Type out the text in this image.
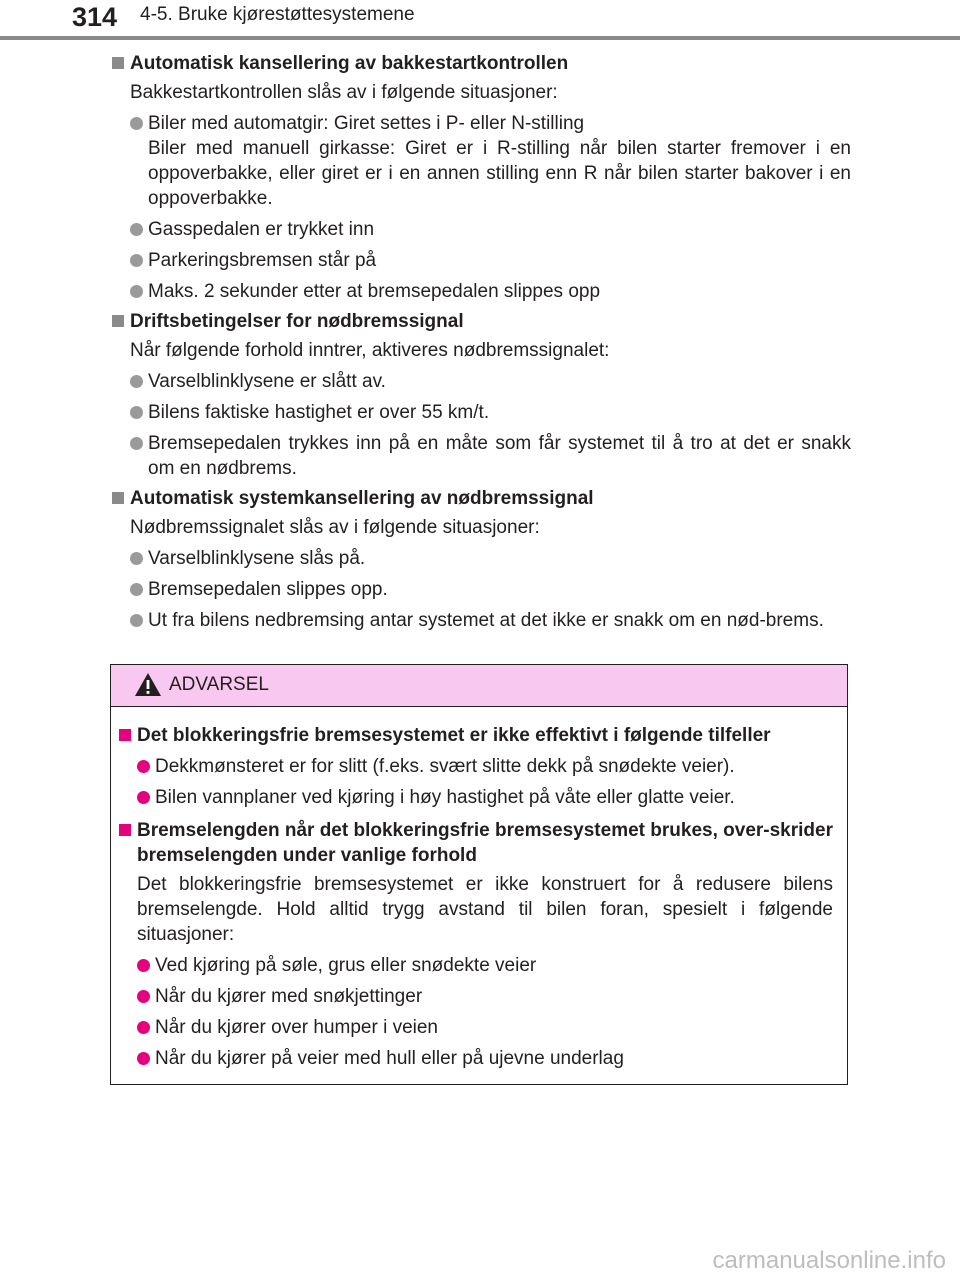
314 4-5. Bruke kjørestøttesystemene
Automatisk kansellering av bakkestartkontrollen
Bakkestartkontrollen slås av i følgende situasjoner:

Biler med automatgir: Giret settes i P- eller N-stilling

Biler med manuell girkasse: Giret er i R-stilling når bilen starter fremover i en oppoverbakke, eller giret er i en annen stilling enn R når bilen starter bakover i en oppoverbakke.

Gasspedalen er trykket inn

Parkeringsbremsen står på

Maks. 2 sekunder etter at bremsepedalen slippes opp

Driftsbetingelser for nødbremssignal
Når følgende forhold inntrer, aktiveres nødbremssignalet:

Varselblinklysene er slått av.

Bilens faktiske hastighet er over 55 km/t.

Bremsepedalen trykkes inn på en måte som får systemet til å tro at det er snakk om en nødbrems.

Automatisk systemkansellering av nødbremssignal
Nødbremssignalet slås av i følgende situasjoner:

Varselblinklysene slås på.

Bremsepedalen slippes opp.

Ut fra bilens nedbremsing antar systemet at det ikke er snakk om en nød-brems.

ADVARSEL

Det blokkeringsfrie bremsesystemet er ikke effektivt i følgende tilfeller

Dekkmønsteret er for slitt (f.eks. svært slitte dekk på snødekte veier).
Bilen vannplaner ved kjøring i høy hastighet på våte eller glatte veier.

Bremselengden når det blokkeringsfrie bremsesystemet brukes, over-skrider bremselengden under vanlige forhold

Det blokkeringsfrie bremsesystemet er ikke konstruert for å redusere bilens bremselengde. Hold alltid trygg avstand til bilen foran, spesielt i følgende situasjoner:

Ved kjøring på søle, grus eller snødekte veier
Når du kjører med snøkjettinger
Når du kjører over humper i veien
Når du kjører på veier med hull eller på ujevne underlag
carmanualsonline.info
